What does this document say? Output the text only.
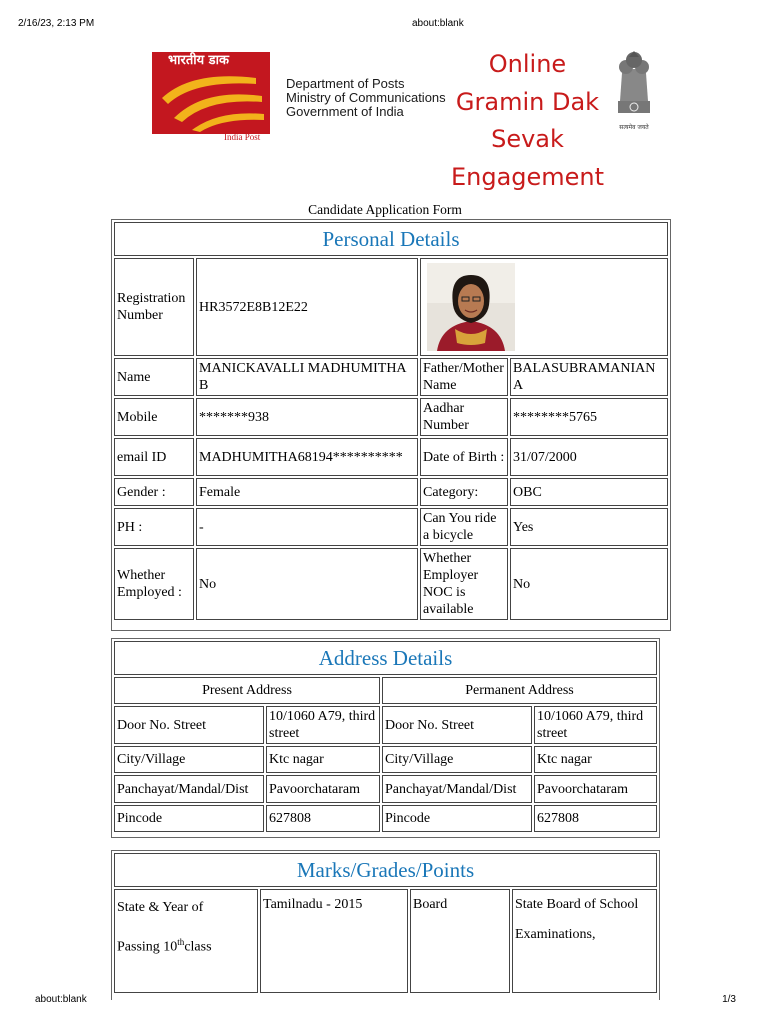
2/16/23, 2:13 PM	about:blank
भारतीय डाक
India Post
Department of Posts
Ministry of Communications
Government of India
Online
Gramin Dak
Sevak
Engagement
सत्यमेव जयते
Candidate Application Form
Personal Details			
Registration Number	HR3572E8B12E22	

Name	MANICKAVALLI MADHUMITHA B	Father/Mother Name	BALASUBRAMANIAN A
Mobile	*******938	Aadhar Number	********5765
email ID	MADHUMITHA68194**********	Date of Birth :	31/07/2000
Gender :	Female	Category:	OBC
PH :	-	Can You ride a bicycle	Yes
Whether Employed :	No	Whether Employer NOC is available	No
Address Details			
Present Address		Permanent Address	
Door No. Street	10/1060 A79, third street	Door No. Street	10/1060 A79, third street
City/Village	Ktc nagar	City/Village	Ktc nagar
Panchayat/Mandal/Dist	Pavoorchataram	Panchayat/Mandal/Dist	Pavoorchataram
Pincode	627808	Pincode	627808
Marks/Grades/Points
State & Year of
Passing 10thclass	Tamilnadu - 2015	Board	State Board of School Examinations,
about:blank	1/3
